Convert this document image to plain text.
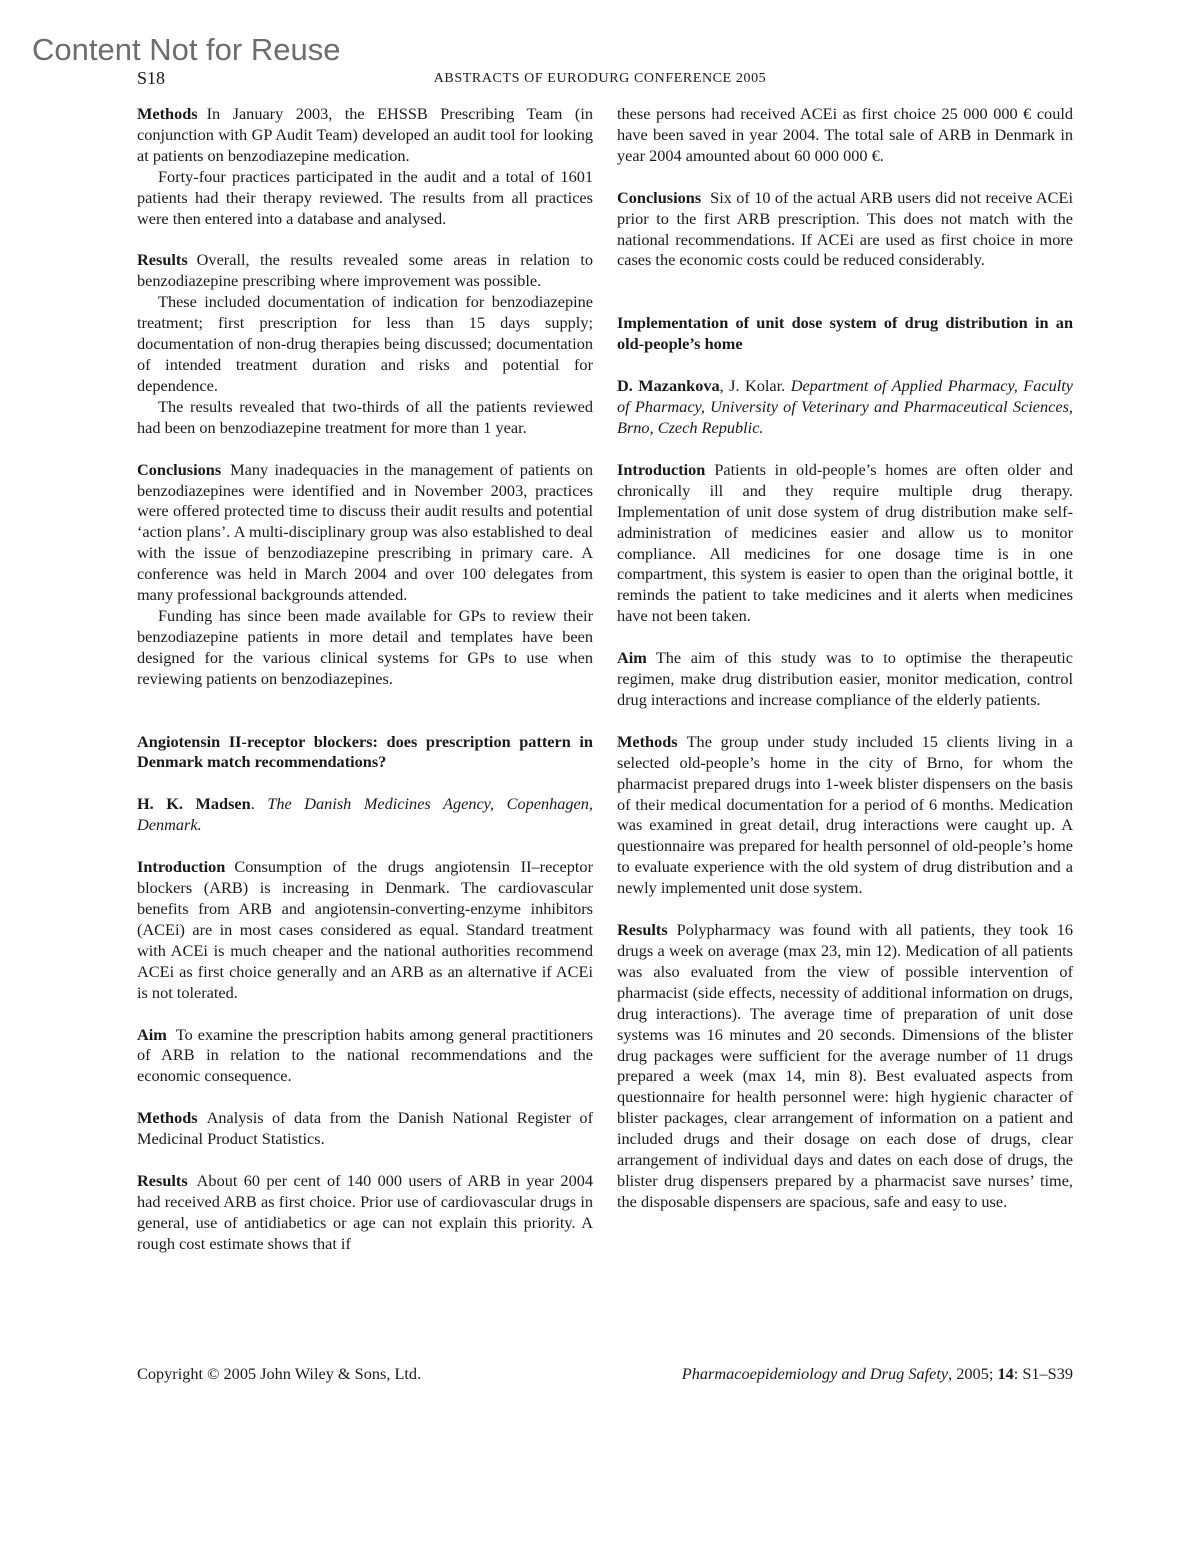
Content Not for Reuse
S18	ABSTRACTS OF EURODURG CONFERENCE 2005

Methods In January 2003, the EHSSB Prescribing Team (in conjunction with GP Audit Team) developed an audit tool for looking at patients on benzodiazepine medication.

Forty-four practices participated in the audit and a total of 1601 patients had their therapy reviewed. The results from all practices were then entered into a database and analysed.

Results Overall, the results revealed some areas in relation to benzodiazepine prescribing where improvement was possible.

These included documentation of indication for benzodiazepine treatment; first prescription for less than 15 days supply; documentation of non-drug therapies being discussed; documentation of intended treatment duration and risks and potential for dependence.

The results revealed that two-thirds of all the patients reviewed had been on benzodiazepine treatment for more than 1 year.

Conclusions Many inadequacies in the management of patients on benzodiazepines were identified and in November 2003, practices were offered protected time to discuss their audit results and potential ‘action plans’. A multi-disciplinary group was also established to deal with the issue of benzodiazepine prescribing in primary care. A conference was held in March 2004 and over 100 delegates from many professional backgrounds attended.

Funding has since been made available for GPs to review their benzodiazepine patients in more detail and templates have been designed for the various clinical systems for GPs to use when reviewing patients on benzodiazepines.

Angiotensin II-receptor blockers: does prescription pattern in Denmark match recommendations?

H. K. Madsen. The Danish Medicines Agency, Copenhagen, Denmark.

Introduction Consumption of the drugs angiotensin II–receptor blockers (ARB) is increasing in Denmark. The cardiovascular benefits from ARB and angiotensin-converting-enzyme inhibitors (ACEi) are in most cases considered as equal. Standard treatment with ACEi is much cheaper and the national authorities recommend ACEi as first choice generally and an ARB as an alternative if ACEi is not tolerated.

Aim To examine the prescription habits among general practitioners of ARB in relation to the national recommendations and the economic consequence.

Methods Analysis of data from the Danish National Register of Medicinal Product Statistics.

Results About 60 per cent of 140 000 users of ARB in year 2004 had received ARB as first choice. Prior use of cardiovascular drugs in general, use of antidiabetics or age can not explain this priority. A rough cost estimate shows that if

these persons had received ACEi as first choice 25 000 000 € could have been saved in year 2004. The total sale of ARB in Denmark in year 2004 amounted about 60 000 000 €.

Conclusions Six of 10 of the actual ARB users did not receive ACEi prior to the first ARB prescription. This does not match with the national recommendations. If ACEi are used as first choice in more cases the economic costs could be reduced considerably.

Implementation of unit dose system of drug distribution in an old-people’s home

D. Mazankova, J. Kolar. Department of Applied Pharmacy, Faculty of Pharmacy, University of Veterinary and Pharmaceutical Sciences, Brno, Czech Republic.

Introduction Patients in old-people’s homes are often older and chronically ill and they require multiple drug therapy. Implementation of unit dose system of drug distribution make self-administration of medicines easier and allow us to monitor compliance. All medicines for one dosage time is in one compartment, this system is easier to open than the original bottle, it reminds the patient to take medicines and it alerts when medicines have not been taken.

Aim The aim of this study was to to optimise the therapeutic regimen, make drug distribution easier, monitor medication, control drug interactions and increase compliance of the elderly patients.

Methods The group under study included 15 clients living in a selected old-people’s home in the city of Brno, for whom the pharmacist prepared drugs into 1-week blister dispensers on the basis of their medical documentation for a period of 6 months. Medication was examined in great detail, drug interactions were caught up. A questionnaire was prepared for health personnel of old-people’s home to evaluate experience with the old system of drug distribution and a newly implemented unit dose system.

Results Polypharmacy was found with all patients, they took 16 drugs a week on average (max 23, min 12). Medication of all patients was also evaluated from the view of possible intervention of pharmacist (side effects, necessity of additional information on drugs, drug interactions). The average time of preparation of unit dose systems was 16 minutes and 20 seconds. Dimensions of the blister drug packages were sufficient for the average number of 11 drugs prepared a week (max 14, min 8). Best evaluated aspects from questionnaire for health personnel were: high hygienic character of blister packages, clear arrangement of information on a patient and included drugs and their dosage on each dose of drugs, clear arrangement of individual days and dates on each dose of drugs, the blister drug dispensers prepared by a pharmacist save nurses’ time, the disposable dispensers are spacious, safe and easy to use.

Copyright © 2005 John Wiley & Sons, Ltd.	Pharmacoepidemiology and Drug Safety, 2005; 14: S1–S39
